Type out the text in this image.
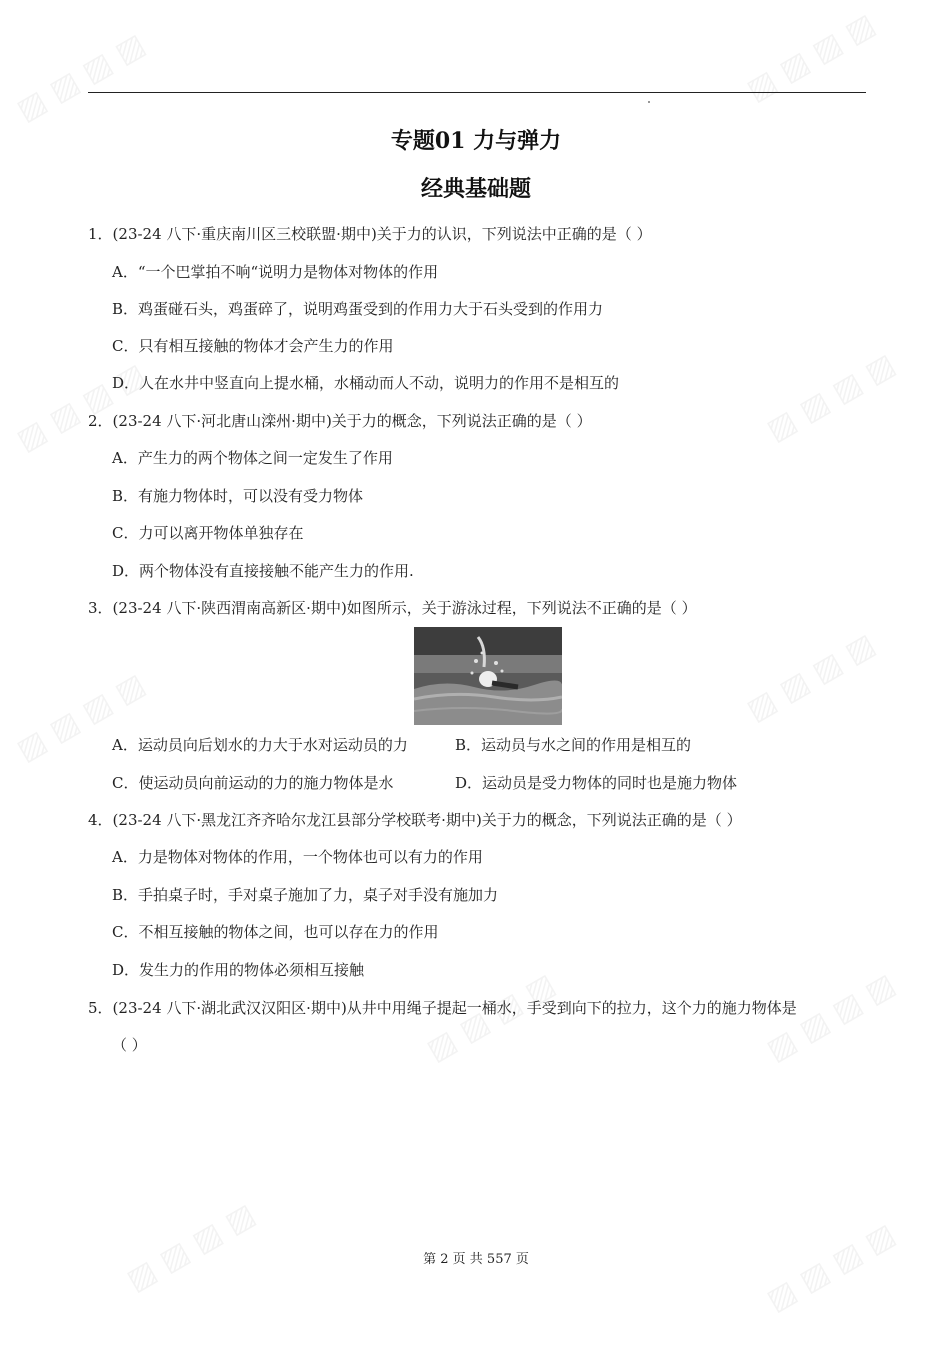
专题01 力与弹力
经典基础题
1．(23-24 八下·重庆南川区三校联盟·期中)关于力的认识，下列说法中正确的是（ ）
A．“一个巴掌拍不响“说明力是物体对物体的作用
B．鸡蛋碰石头，鸡蛋碎了，说明鸡蛋受到的作用力大于石头受到的作用力
C．只有相互接触的物体才会产生力的作用
D．人在水井中竖直向上提水桶，水桶动而人不动，说明力的作用不是相互的
2．(23-24 八下·河北唐山滦州·期中)关于力的概念，下列说法正确的是（ ）
A．产生力的两个物体之间一定发生了作用
B．有施力物体时，可以没有受力物体
C．力可以离开物体单独存在
D．两个物体没有直接接触不能产生力的作用.
3．(23-24 八下·陕西渭南高新区·期中)如图所示，关于游泳过程，下列说法不正确的是（ ）
A．运动员向后划水的力大于水对运动员的力	B．运动员与水之间的作用是相互的
C．使运动员向前运动的力的施力物体是水	D．运动员是受力物体的同时也是施力物体
4．(23-24 八下·黑龙江齐齐哈尔龙江县部分学校联考·期中)关于力的概念，下列说法正确的是（ ）
A．力是物体对物体的作用，一个物体也可以有力的作用
B．手拍桌子时，手对桌子施加了力，桌子对手没有施加力
C．不相互接触的物体之间，也可以存在力的作用
D．发生力的作用的物体必须相互接触
5．(23-24 八下·湖北武汉汉阳区·期中)从井中用绳子提起一桶水，手受到向下的拉力，这个力的施力物体是
（ ）
第 2 页 共 557 页
